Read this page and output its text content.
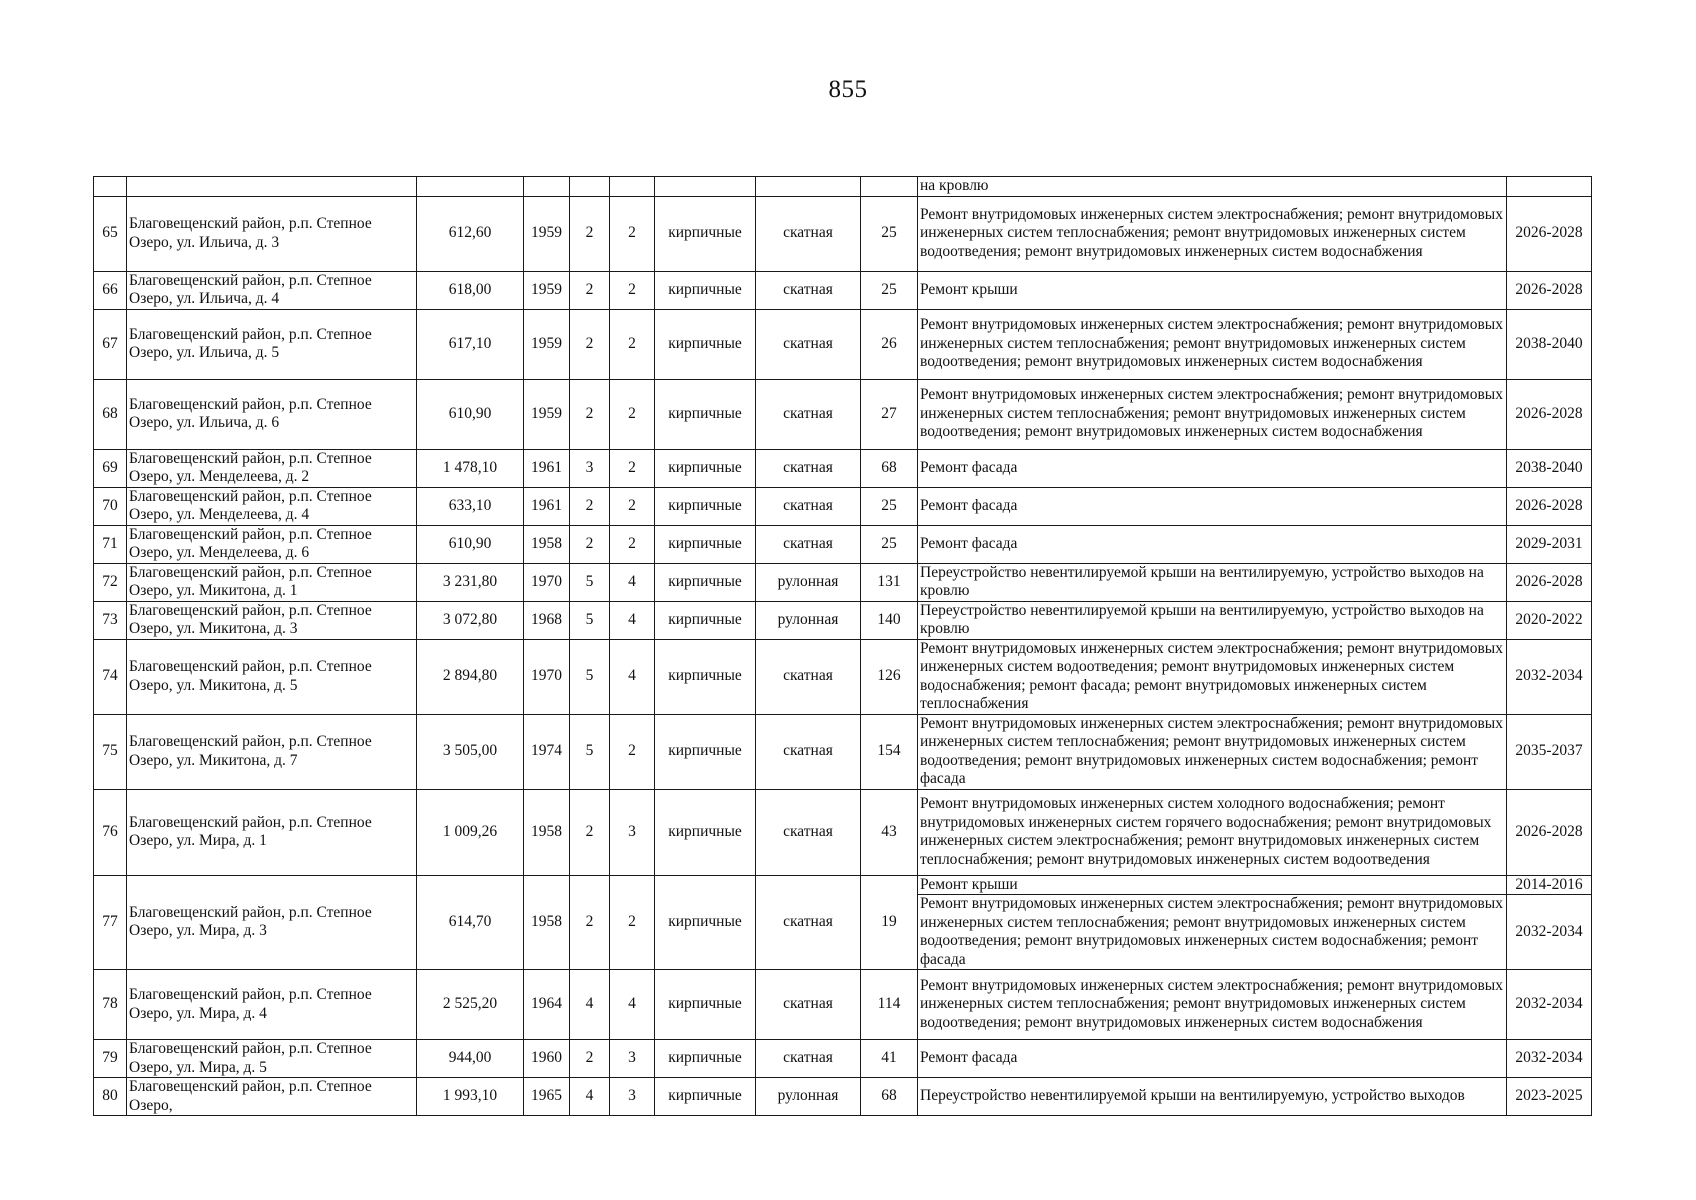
855
									на кровлю	
65	Благовещенский район, р.п. Степное Озеро, ул. Ильича, д. 3	612,60	1959	2	2	кирпичные	скатная	25	Ремонт внутридомовых инженерных систем электроснабжения; ремонт внутридомовых инженерных систем теплоснабжения; ремонт внутридомовых инженерных систем водоотведения; ремонт внутридомовых инженерных систем водоснабжения	2026-2028
66	Благовещенский район, р.п. Степное Озеро, ул. Ильича, д. 4	618,00	1959	2	2	кирпичные	скатная	25	Ремонт крыши	2026-2028
67	Благовещенский район, р.п. Степное Озеро, ул. Ильича, д. 5	617,10	1959	2	2	кирпичные	скатная	26	Ремонт внутридомовых инженерных систем электроснабжения; ремонт внутридомовых инженерных систем теплоснабжения; ремонт внутридомовых инженерных систем водоотведения; ремонт внутридомовых инженерных систем водоснабжения	2038-2040
68	Благовещенский район, р.п. Степное Озеро, ул. Ильича, д. 6	610,90	1959	2	2	кирпичные	скатная	27	Ремонт внутридомовых инженерных систем электроснабжения; ремонт внутридомовых инженерных систем теплоснабжения; ремонт внутридомовых инженерных систем водоотведения; ремонт внутридомовых инженерных систем водоснабжения	2026-2028
69	Благовещенский район, р.п. Степное Озеро, ул. Менделеева, д. 2	1 478,10	1961	3	2	кирпичные	скатная	68	Ремонт фасада	2038-2040
70	Благовещенский район, р.п. Степное Озеро, ул. Менделеева, д. 4	633,10	1961	2	2	кирпичные	скатная	25	Ремонт фасада	2026-2028
71	Благовещенский район, р.п. Степное Озеро, ул. Менделеева, д. 6	610,90	1958	2	2	кирпичные	скатная	25	Ремонт фасада	2029-2031
72	Благовещенский район, р.п. Степное Озеро, ул. Микитона, д. 1	3 231,80	1970	5	4	кирпичные	рулонная	131	Переустройство невентилируемой крыши на вентилируемую, устройство выходов на кровлю	2026-2028
73	Благовещенский район, р.п. Степное Озеро, ул. Микитона, д. 3	3 072,80	1968	5	4	кирпичные	рулонная	140	Переустройство невентилируемой крыши на вентилируемую, устройство выходов на кровлю	2020-2022
74	Благовещенский район, р.п. Степное Озеро, ул. Микитона, д. 5	2 894,80	1970	5	4	кирпичные	скатная	126	Ремонт внутридомовых инженерных систем электроснабжения; ремонт внутридомовых инженерных систем водоотведения; ремонт внутридомовых инженерных систем водоснабжения; ремонт фасада; ремонт внутридомовых инженерных систем теплоснабжения	2032-2034
75	Благовещенский район, р.п. Степное Озеро, ул. Микитона, д. 7	3 505,00	1974	5	2	кирпичные	скатная	154	Ремонт внутридомовых инженерных систем электроснабжения; ремонт внутридомовых инженерных систем теплоснабжения; ремонт внутридомовых инженерных систем водоотведения; ремонт внутридомовых инженерных систем водоснабжения; ремонт фасада	2035-2037
76	Благовещенский район, р.п. Степное Озеро, ул. Мира, д. 1	1 009,26	1958	2	3	кирпичные	скатная	43	Ремонт внутридомовых инженерных систем холодного водоснабжения; ремонт внутридомовых инженерных систем горячего водоснабжения; ремонт внутридомовых инженерных систем электроснабжения; ремонт внутридомовых инженерных систем теплоснабжения; ремонт внутридомовых инженерных систем водоотведения	2026-2028
77	Благовещенский район, р.п. Степное Озеро, ул. Мира, д. 3	614,70	1958	2	2	кирпичные	скатная	19	Ремонт крыши	2014-2016
									Ремонт внутридомовых инженерных систем электроснабжения; ремонт внутридомовых инженерных систем теплоснабжения; ремонт внутридомовых инженерных систем водоотведения; ремонт внутридомовых инженерных систем водоснабжения; ремонт фасада	2032-2034
78	Благовещенский район, р.п. Степное Озеро, ул. Мира, д. 4	2 525,20	1964	4	4	кирпичные	скатная	114	Ремонт внутридомовых инженерных систем электроснабжения; ремонт внутридомовых инженерных систем теплоснабжения; ремонт внутридомовых инженерных систем водоотведения; ремонт внутридомовых инженерных систем водоснабжения	2032-2034
79	Благовещенский район, р.п. Степное Озеро, ул. Мира, д. 5	944,00	1960	2	3	кирпичные	скатная	41	Ремонт фасада	2032-2034
80	Благовещенский район, р.п. Степное Озеро,	1 993,10	1965	4	3	кирпичные	рулонная	68	Переустройство невентилируемой крыши на вентилируемую, устройство выходов	2023-2025
